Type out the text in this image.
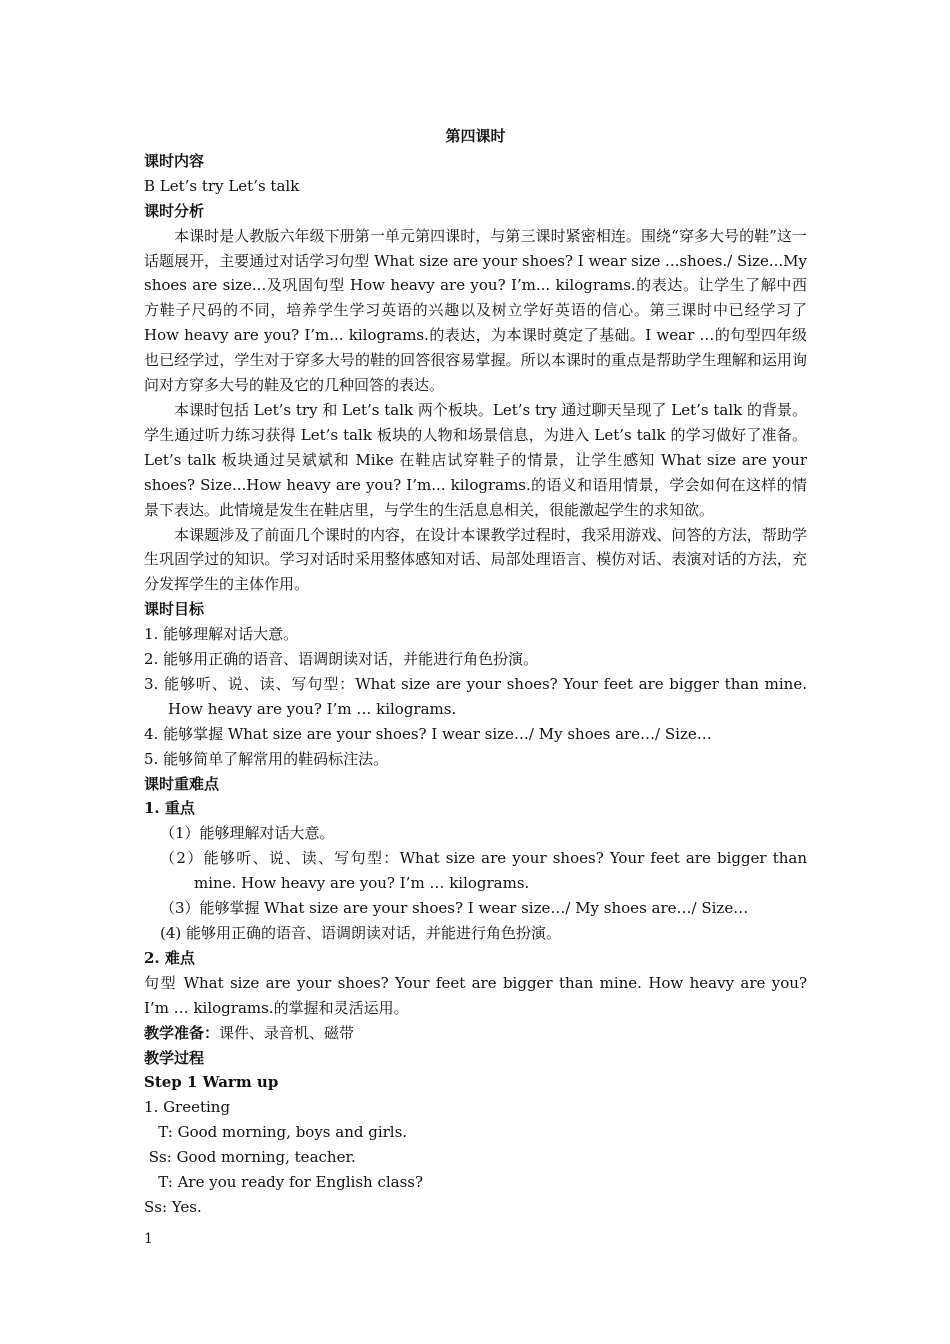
第四课时

课时内容

B Let’s try Let’s talk

课时分析

本课时是人教版六年级下册第一单元第四课时，与第三课时紧密相连。围绕“穿多大号的鞋”这一话题展开，主要通过对话学习句型 What size are your shoes? I wear size ...shoes./ Size...My shoes are size...及巩固句型 How heavy are you? I’m... kilograms.的表达。让学生了解中西方鞋子尺码的不同，培养学生学习英语的兴趣以及树立学好英语的信心。第三课时中已经学习了 How heavy are you? I’m... kilograms.的表达，为本课时奠定了基础。I wear …的句型四年级也已经学过，学生对于穿多大号的鞋的回答很容易掌握。所以本课时的重点是帮助学生理解和运用询问对方穿多大号的鞋及它的几种回答的表达。

本课时包括 Let’s try 和 Let’s talk 两个板块。Let’s try 通过聊天呈现了 Let’s talk 的背景。学生通过听力练习获得 Let’s talk 板块的人物和场景信息，为进入 Let’s talk 的学习做好了准备。Let’s talk 板块通过吴斌斌和 Mike 在鞋店试穿鞋子的情景，让学生感知 What size are your shoes? Size...How heavy are you? I’m... kilograms.的语义和语用情景，学会如何在这样的情景下表达。此情境是发生在鞋店里，与学生的生活息息相关，很能激起学生的求知欲。

本课题涉及了前面几个课时的内容，在设计本课教学过程时，我采用游戏、问答的方法，帮助学生巩固学过的知识。学习对话时采用整体感知对话、局部处理语言、模仿对话、表演对话的方法，充分发挥学生的主体作用。

课时目标

1. 能够理解对话大意。

2. 能够用正确的语音、语调朗读对话，并能进行角色扮演。

3. 能够听、说、读、写句型：What size are your shoes? Your feet are bigger than mine. How heavy are you? I’m … kilograms.

4. 能够掌握 What size are your shoes? I wear size…/ My shoes are…/ Size…

5. 能够简单了解常用的鞋码标注法。

课时重难点

1. 重点

（1）能够理解对话大意。

（2）能够听、说、读、写句型：What size are your shoes? Your feet are bigger than mine. How heavy are you? I’m … kilograms.

（3）能够掌握 What size are your shoes? I wear size…/ My shoes are…/ Size…

(4) 能够用正确的语音、语调朗读对话，并能进行角色扮演。

2. 难点

句型 What size are your shoes? Your feet are bigger than mine. How heavy are you? I’m … kilograms.的掌握和灵活运用。

教学准备：课件、录音机、磁带

教学过程

Step 1 Warm up

1. Greeting

T: Good morning, boys and girls.

Ss: Good morning, teacher.

T: Are you ready for English class?

Ss: Yes.

1
